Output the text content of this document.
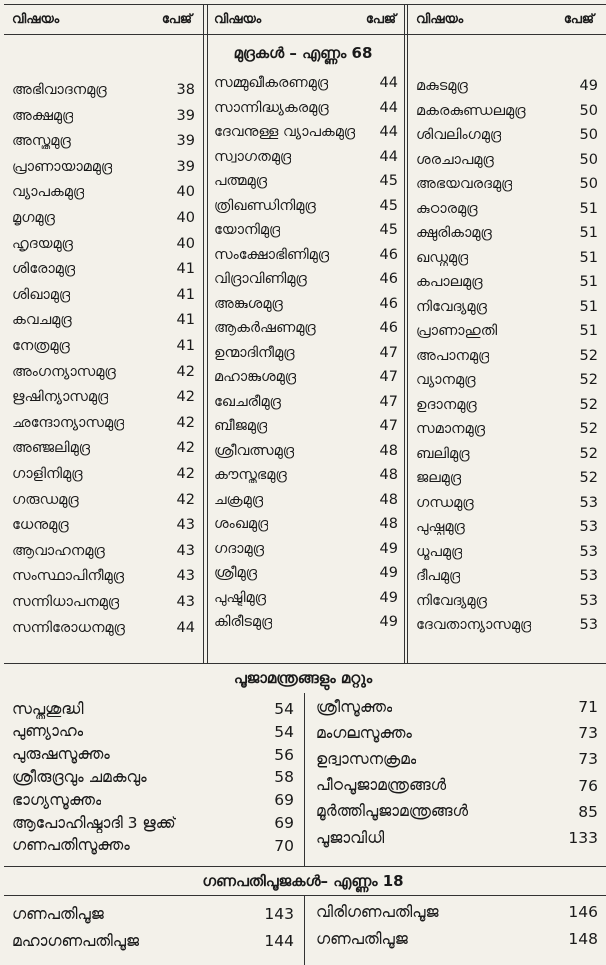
വിഷയം	പേജ് വിഷയം	പേജ് വിഷയം	പേജ്
മുദ്രകൾ – എണ്ണം 68
പൂജാമന്ത്രങ്ങളും മറ്റും
ഗണപതിപൂജകൾ– എണ്ണം 18
അഭിവാദനമുദ്ര	38
അക്ഷമുദ്ര	39
അസ്ത്രമുദ്ര	39
പ്രാണായാമമുദ്ര	39
വ്യാപകമുദ്ര	40
മൃഗമുദ്ര	40
ഹൃദയമുദ്ര	40
ശിരോമുദ്ര	41
ശിഖാമുദ്ര	41
കവചമുദ്ര	41
നേത്രമുദ്ര	41
അംഗന്യാസമുദ്ര	42
ഋഷിന്യാസമുദ്ര	42
ഛന്ദോന്യാസമുദ്ര	42
അഞ്ജലിമുദ്ര	42
ഗാളിനിമുദ്ര	42
ഗരുഡമുദ്ര	42
ധേനുമുദ്ര	43
ആവാഹനമുദ്ര	43
സംസ്ഥാപിനീമുദ്ര	43
സന്നിധാപനമുദ്ര	43
സന്നിരോധനമുദ്ര	44
സമ്മുഖീകരണമുദ്ര	44
സാന്നിദ്ധ്യകരമുദ്ര	44
ദേവനുള്ള വ്യാപകമുദ്ര	44
സ്വാഗതമുദ്ര	44
പത്മമുദ്ര	45
ത്രിഖണ്ഡിനിമുദ്ര	45
യോനിമുദ്ര	45
സംക്ഷോഭിണിമുദ്ര	46
വിദ്രാവിണിമുദ്ര	46
അങ്കുശമുദ്ര	46
ആകർഷണമുദ്ര	46
ഉന്മാദിനീമുദ്ര	47
മഹാങ്കുശമുദ്ര	47
ഖേചരീമുദ്ര	47
ബീജമുദ്ര	47
ശ്രീവത്സമുദ്ര	48
കൗസ്തുഭമുദ്ര	48
ചക്രമുദ്ര	48
ശംഖമുദ്ര	48
ഗദാമുദ്ര	49
ശ്രീമുദ്ര	49
പുഷ്ടിമുദ്ര	49
കിരീടമുദ്ര	49
മകുടമുദ്ര	49
മകരകുണ്ഡലമുദ്ര	50
ശിവലിംഗമുദ്ര	50
ശരചാപമുദ്ര	50
അഭയവരദമുദ്ര	50
കുഠാരമുദ്ര	51
ക്ഷുരികാമുദ്ര	51
ഖഡ്ഗമുദ്ര	51
കപാലമുദ്ര	51
നിവേദ്യമുദ്ര	51
പ്രാണാഹുതി	51
അപാനമുദ്ര	52
വ്യാനമുദ്ര	52
ഉദാനമുദ്ര	52
സമാനമുദ്ര	52
ബലിമുദ്ര	52
ജലമുദ്ര	52
ഗന്ധമുദ്ര	53
പുഷ്പമുദ്ര	53
ധൂപമുദ്ര	53
ദീപമുദ്ര	53
നിവേദ്യമുദ്ര	53
ദേവതാന്യാസമുദ്ര	53
സപ്തശുദ്ധി	54
പുണ്യാഹം	54
പുരുഷസൂക്തം	56
ശ്രീരുദ്രവും ചമകവും	58
ഭാഗ്യസൂക്തം	69
ആപോഹിഷ്ഠാദി 3 ഋക്ക്	69
ഗണപതിസൂക്തം	70
ശ്രീസൂക്തം	71
മംഗലസൂക്തം	73
ഉദ്വാസനക്രമം	73
പീഠപൂജാമന്ത്രങ്ങൾ	76
മൂർത്തിപൂജാമന്ത്രങ്ങൾ	85
പൂജാവിധി	133
ഗണപതിപൂജ	143
മഹാഗണപതിപൂജ	144
വിരിഗണപതിപൂജ	146
ഗണപതിപൂജ	148
